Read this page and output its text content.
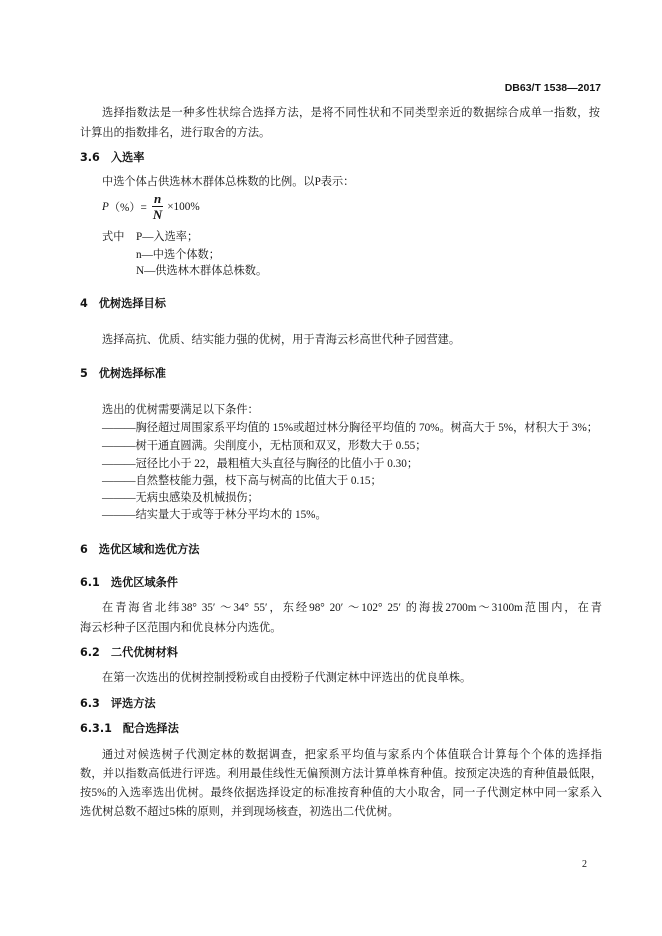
DB63/T 1538—2017
选择指数法是一种多性状综合选择方法，是将不同性状和不同类型亲近的数据综合成单一指数，按
计算出的指数排名，进行取舍的方法。
3.6 入选率
中选个体占供选林木群体总株数的比例。以P表示：
P （%）= $\frac{n}{N} \times 100\%$
式中 P—入选率；
n—中选个体数；
N—供选林木群体总株数。
4 优树选择目标
选择高抗、优质、结实能力强的优树，用于青海云杉高世代种子园营建。
5 优树选择标准
选出的优树需要满足以下条件：
———胸径超过周围家系平均值的 15%或超过林分胸径平均值的 70%。树高大于 5%，材积大于 3%；
———树干通直圆满。尖削度小，无枯顶和双叉，形数大于 0.55；
———冠径比小于 22，最粗植大头直径与胸径的比值小于 0.30；
———自然整枝能力强，枝下高与树高的比值大于 0.15；
———无病虫感染及机械损伤；
———结实量大于或等于林分平均木的 15%。
6 选优区域和选优方法
6.1 选优区域条件
在青海省北纬38° 35′ ～34° 55′，东经98° 20′ ～102° 25′ 的海拔2700m～3100m范围内，在青
海云杉种子区范围内和优良林分内选优。
6.2 二代优树材料
在第一次选出的优树控制授粉或自由授粉子代测定林中评选出的优良单株。
6.3 评选方法
6.3.1 配合选择法
通过对候选树子代测定林的数据调查，把家系平均值与家系内个体值联合计算每个个体的选择指
数，并以指数高低进行评选。利用最佳线性无偏预测方法计算单株育种值。按预定决选的育种值最低限，
按5%的入选率选出优树。最终依据选择设定的标准按育种值的大小取舍，同一子代测定林中同一家系入
选优树总数不超过5株的原则，并到现场核查，初选出二代优树。
2
